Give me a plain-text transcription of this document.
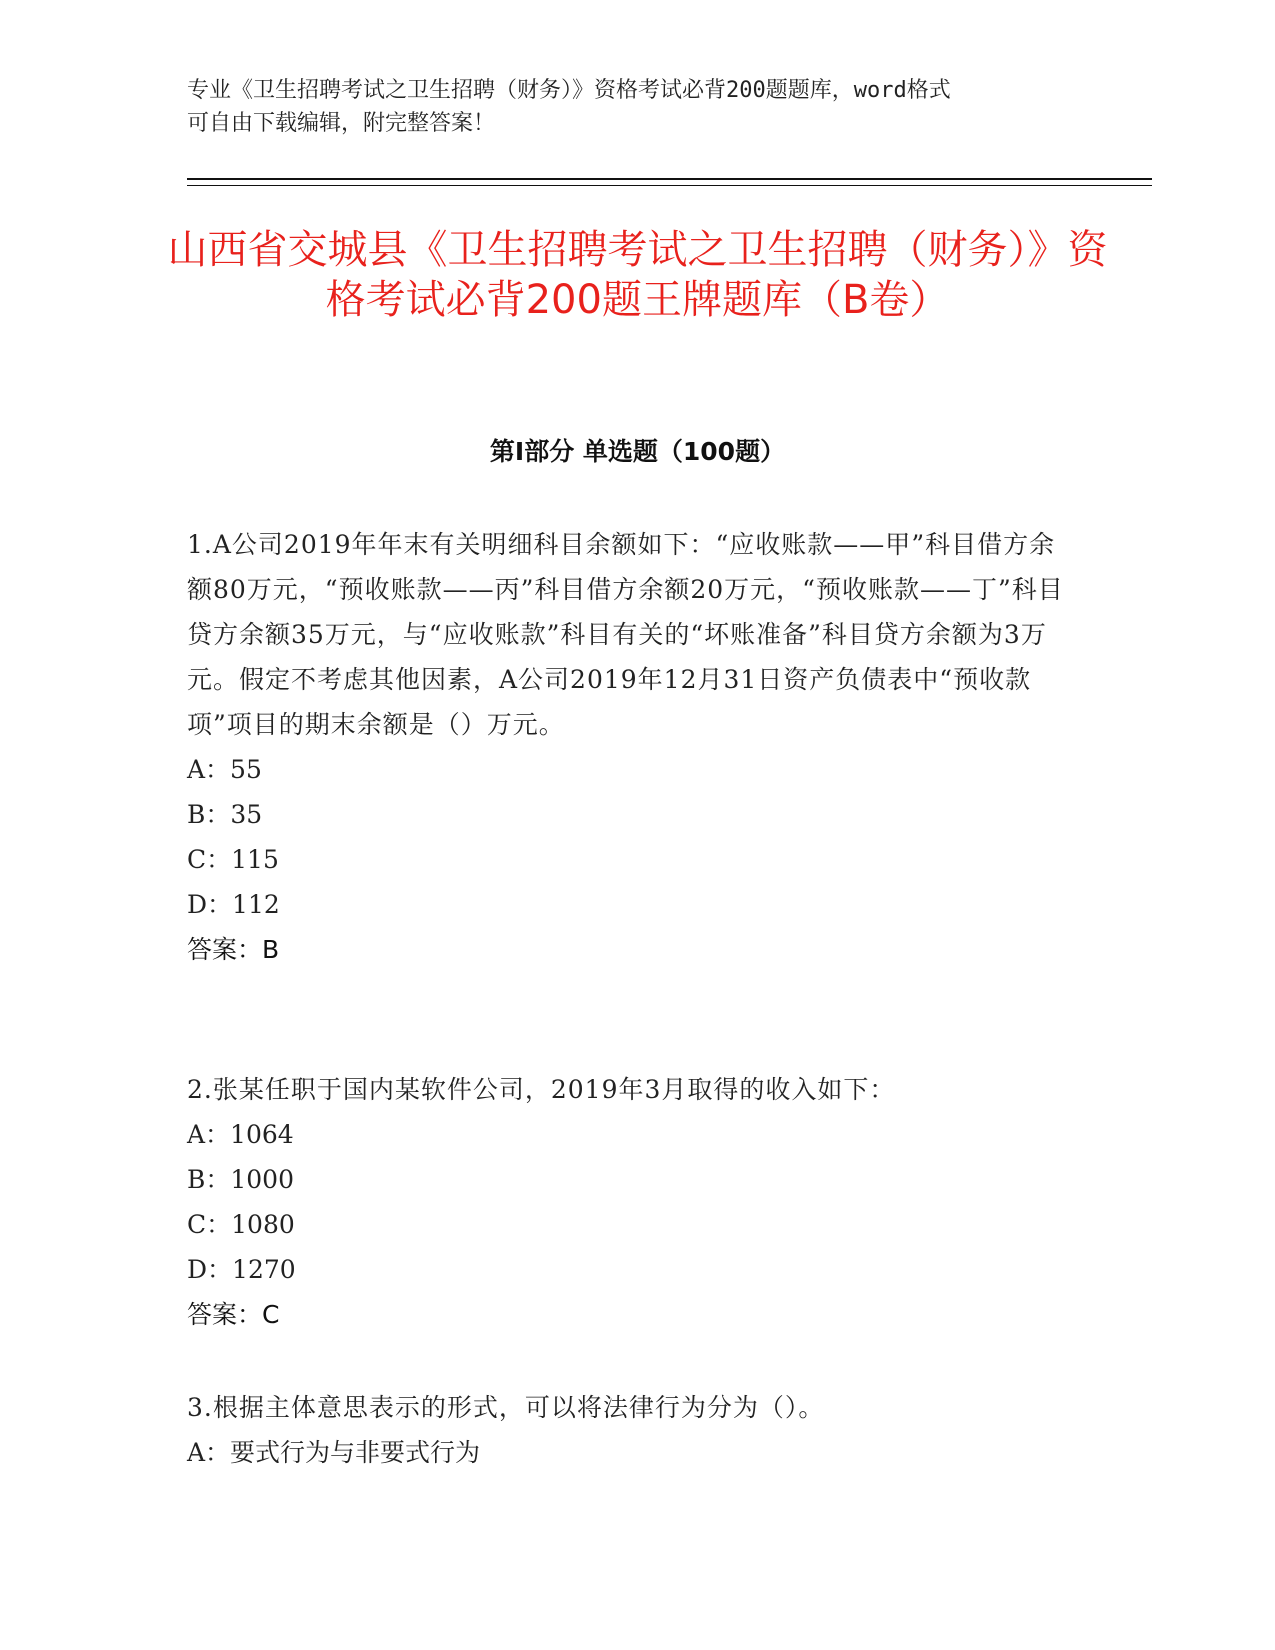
专业《卫生招聘考试之卫生招聘（财务）》资格考试必背200题题库，word格式
可自由下载编辑，附完整答案！
山西省交城县《卫生招聘考试之卫生招聘（财务）》资格考试必背200题王牌题库（B卷）
第I部分 单选题（100题）

1.A公司2019年年末有关明细科目余额如下：“应收账款——甲”科目借方余额80万元，“预收账款——丙”科目借方余额20万元，“预收账款——丁”科目贷方余额35万元，与“应收账款”科目有关的“坏账准备”科目贷方余额为3万元。假定不考虑其他因素，A公司2019年12月31日资产负债表中“预收款项”项目的期末余额是（）万元。

A：55

B：35

C：115

D：112

答案：B

2.张某任职于国内某软件公司，2019年3月取得的收入如下：

A：1064

B：1000

C：1080

D：1270

答案：C

3.根据主体意思表示的形式，可以将法律行为分为（）。

A：要式行为与非要式行为
